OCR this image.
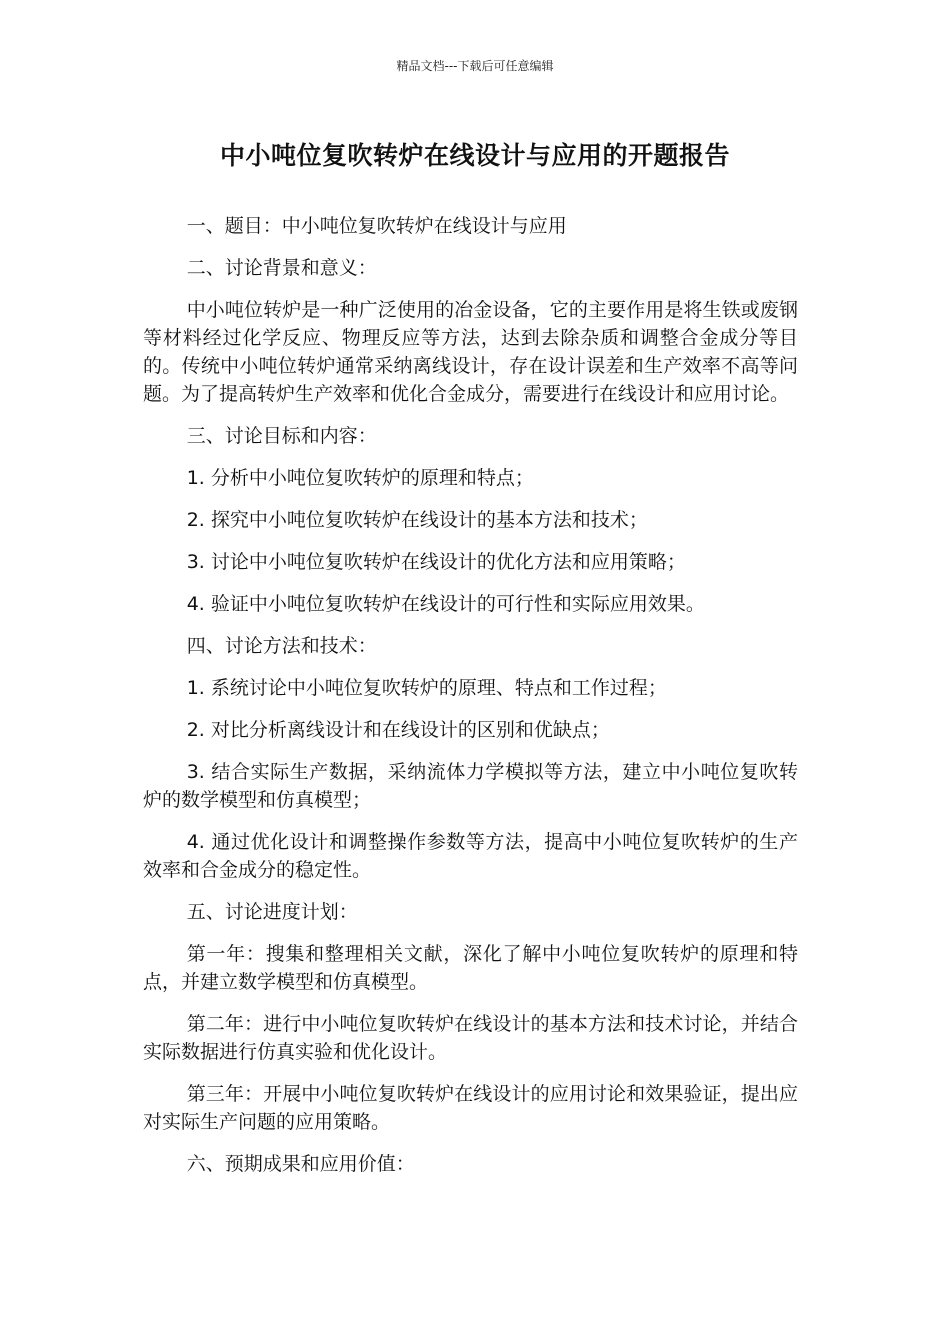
精品文档---下载后可任意编辑
中小吨位复吹转炉在线设计与应用的开题报告

一、题目：中小吨位复吹转炉在线设计与应用

二、讨论背景和意义：

中小吨位转炉是一种广泛使用的冶金设备，它的主要作用是将生铁或废钢等材料经过化学反应、物理反应等方法，达到去除杂质和调整合金成分等目的。传统中小吨位转炉通常采纳离线设计，存在设计误差和生产效率不高等问题。为了提高转炉生产效率和优化合金成分，需要进行在线设计和应用讨论。

三、讨论目标和内容：

1. 分析中小吨位复吹转炉的原理和特点；

2. 探究中小吨位复吹转炉在线设计的基本方法和技术；

3. 讨论中小吨位复吹转炉在线设计的优化方法和应用策略；

4. 验证中小吨位复吹转炉在线设计的可行性和实际应用效果。

四、讨论方法和技术：

1. 系统讨论中小吨位复吹转炉的原理、特点和工作过程；

2. 对比分析离线设计和在线设计的区别和优缺点；

3. 结合实际生产数据，采纳流体力学模拟等方法，建立中小吨位复吹转炉的数学模型和仿真模型；

4. 通过优化设计和调整操作参数等方法，提高中小吨位复吹转炉的生产效率和合金成分的稳定性。

五、讨论进度计划：

第一年：搜集和整理相关文献，深化了解中小吨位复吹转炉的原理和特点，并建立数学模型和仿真模型。

第二年：进行中小吨位复吹转炉在线设计的基本方法和技术讨论，并结合实际数据进行仿真实验和优化设计。

第三年：开展中小吨位复吹转炉在线设计的应用讨论和效果验证，提出应对实际生产问题的应用策略。

六、预期成果和应用价值：
